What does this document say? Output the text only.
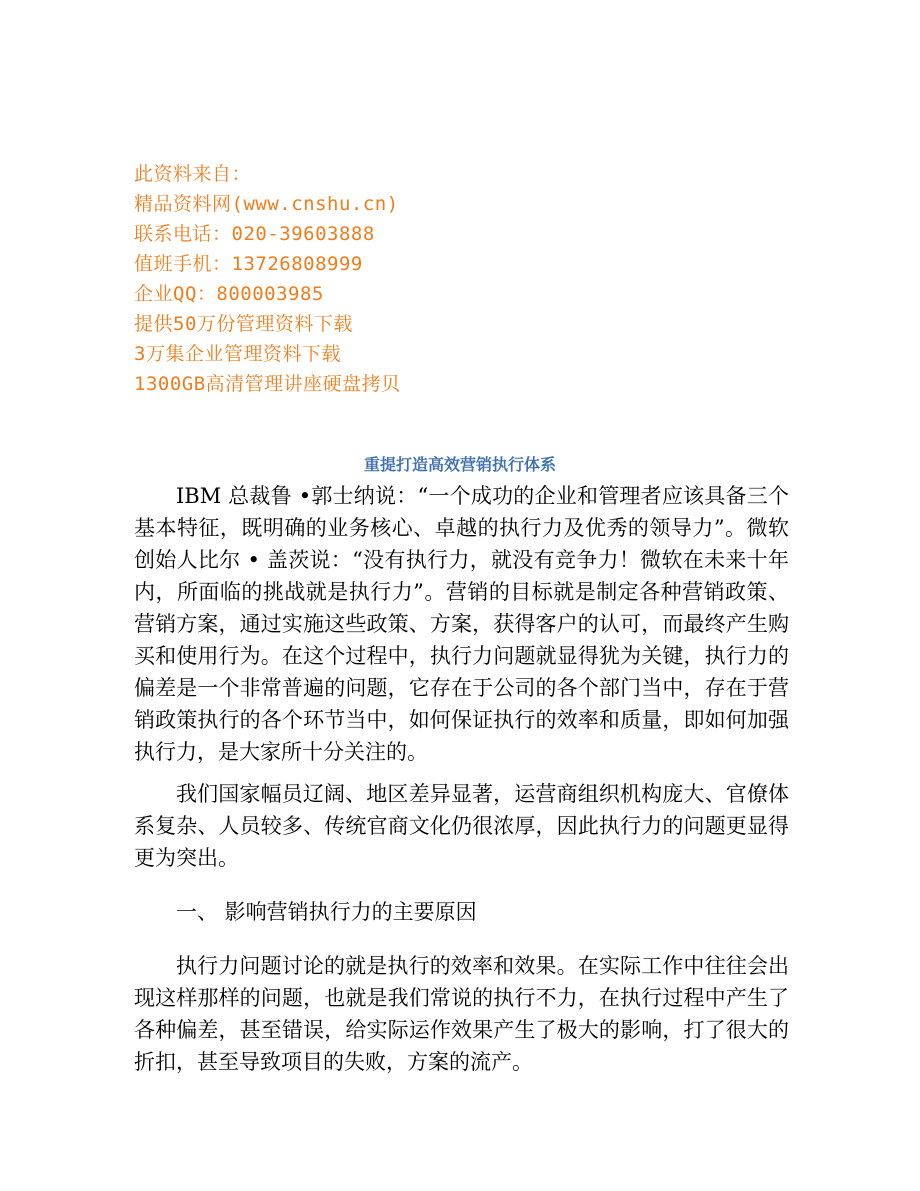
此资料来自：
精品资料网(www.cnshu.cn)
联系电话：020-39603888
值班手机：13726808999
企业QQ：800003985
提供50万份管理资料下载
3万集企业管理资料下载
1300GB高清管理讲座硬盘拷贝
重提打造高效营销执行体系

IBM 总裁鲁 •郭士纳说：“一个成功的企业和管理者应该具备三个基本特征，既明确的业务核心、卓越的执行力及优秀的领导力”。微软创始人比尔 • 盖茨说：“没有执行力，就没有竞争力！微软在未来十年内，所面临的挑战就是执行力”。营销的目标就是制定各种营销政策、营销方案，通过实施这些政策、方案，获得客户的认可，而最终产生购买和使用行为。在这个过程中，执行力问题就显得犹为关键，执行力的偏差是一个非常普遍的问题，它存在于公司的各个部门当中，存在于营销政策执行的各个环节当中，如何保证执行的效率和质量，即如何加强执行力，是大家所十分关注的。

我们国家幅员辽阔、地区差异显著，运营商组织机构庞大、官僚体系复杂、人员较多、传统官商文化仍很浓厚，因此执行力的问题更显得更为突出。

一、 影响营销执行力的主要原因

执行力问题讨论的就是执行的效率和效果。在实际工作中往往会出现这样那样的问题，也就是我们常说的执行不力，在执行过程中产生了各种偏差，甚至错误，给实际运作效果产生了极大的影响，打了很大的折扣，甚至导致项目的失败，方案的流产。
